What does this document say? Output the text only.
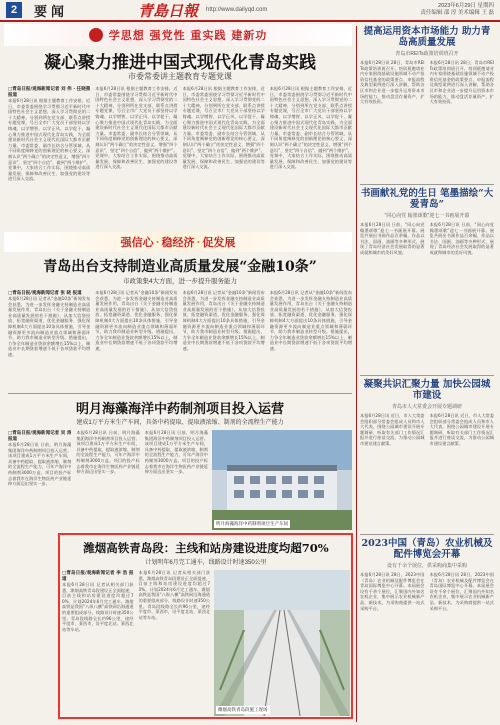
2	要闻	青島日報 http://www.dailyqd.com
2023年6月29日 星期四
责任编辑 邵 淳 美术编辑 王 磊
学思想 强党性 重实践 建新功
凝心聚力推进中国式现代化青岛实践
市委常委讲主题教育专题党课
□青岛日报/观海新闻记者 刘 伟 · 任晓燕 报道
本报6月28日讯 根据主题教育工作安排，近日，市委常委围绕学习贯彻习近平新时代中国特色社会主义思想，深入学习贯彻党的二十大精神，分别到所在党支部、联系点讲授专题党课，号召全市广大党员干部坚持以学铸魂、以学增智、以学正风、以学促干，凝心聚力推进中国式现代化青岛实践，为全面建设新时代社会主义现代化国际大都市贡献力量。市委常委、副市长结合分管领域，从不同角度阐释党的创新理论的核心要义，深刻认识“两个确立”的决定性意义，增强“四个意识”、坚定“四个自信”、做到“两个维护”。党课中，大家结合工作实际，围绕推动高质量发展、保障和改善民生、加强党的建设等进行深入交流。
本报6月28日讯 根据主题教育工作安排，近日，市委常委围绕学习贯彻习近平新时代中国特色社会主义思想，深入学习贯彻党的二十大精神，分别到所在党支部、联系点讲授专题党课，号召全市广大党员干部坚持以学铸魂、以学增智、以学正风、以学促干，凝心聚力推进中国式现代化青岛实践，为全面建设新时代社会主义现代化国际大都市贡献力量。市委常委、副市长结合分管领域，从不同角度阐释党的创新理论的核心要义，深刻认识“两个确立”的决定性意义，增强“四个意识”、坚定“四个自信”、做到“两个维护”。党课中，大家结合工作实际，围绕推动高质量发展、保障和改善民生、加强党的建设等进行深入交流。
本报6月28日讯 根据主题教育工作安排，近日，市委常委围绕学习贯彻习近平新时代中国特色社会主义思想，深入学习贯彻党的二十大精神，分别到所在党支部、联系点讲授专题党课，号召全市广大党员干部坚持以学铸魂、以学增智、以学正风、以学促干，凝心聚力推进中国式现代化青岛实践，为全面建设新时代社会主义现代化国际大都市贡献力量。市委常委、副市长结合分管领域，从不同角度阐释党的创新理论的核心要义，深刻认识“两个确立”的决定性意义，增强“四个意识”、坚定“四个自信”、做到“两个维护”。党课中，大家结合工作实际，围绕推动高质量发展、保障和改善民生、加强党的建设等进行深入交流。
本报6月28日讯 根据主题教育工作安排，近日，市委常委围绕学习贯彻习近平新时代中国特色社会主义思想，深入学习贯彻党的二十大精神，分别到所在党支部、联系点讲授专题党课，号召全市广大党员干部坚持以学铸魂、以学增智、以学正风、以学促干，凝心聚力推进中国式现代化青岛实践，为全面建设新时代社会主义现代化国际大都市贡献力量。市委常委、副市长结合分管领域，从不同角度阐释党的创新理论的核心要义，深刻认识“两个确立”的决定性意义，增强“四个意识”、坚定“四个自信”、做到“两个维护”。党课中，大家结合工作实际，围绕推动高质量发展、保障和改善民生、加强党的建设等进行深入交流。
强信心 · 稳经济 · 促发展
青岛出台支持制造业高质量发展“金融10条”
市政策集4大方面，进一步提升服务能力
□青岛日报/观海新闻记者 张 晓 报道
本报6月28日讯 记者从“金融10条”新闻发布会获悉，为进一步发挥金融支持制造业高质量发展作用，青岛出台《关于金融支持制造业高质量发展的若干措施》，从加大信贷投放、拓宽融资渠道、优化金融服务、强化保障机制4大方面提出10条具体措施，引导金融资源更多流向制造业重点领域和薄弱环节，助力我市制造业转型升级。措施提出，力争全年制造业贷款余额增长15%以上，制造业中长期贷款增速不低于各项贷款平均增速。
本报6月28日讯 记者从“金融10条”新闻发布会获悉，为进一步发挥金融支持制造业高质量发展作用，青岛出台《关于金融支持制造业高质量发展的若干措施》，从加大信贷投放、拓宽融资渠道、优化金融服务、强化保障机制4大方面提出10条具体措施，引导金融资源更多流向制造业重点领域和薄弱环节，助力我市制造业转型升级。措施提出，力争全年制造业贷款余额增长15%以上，制造业中长期贷款增速不低于各项贷款平均增速。
本报6月28日讯 记者从“金融10条”新闻发布会获悉，为进一步发挥金融支持制造业高质量发展作用，青岛出台《关于金融支持制造业高质量发展的若干措施》，从加大信贷投放、拓宽融资渠道、优化金融服务、强化保障机制4大方面提出10条具体措施，引导金融资源更多流向制造业重点领域和薄弱环节，助力我市制造业转型升级。措施提出，力争全年制造业贷款余额增长15%以上，制造业中长期贷款增速不低于各项贷款平均增速。
本报6月28日讯 记者从“金融10条”新闻发布会获悉，为进一步发挥金融支持制造业高质量发展作用，青岛出台《关于金融支持制造业高质量发展的若干措施》，从加大信贷投放、拓宽融资渠道、优化金融服务、强化保障机制4大方面提出10条具体措施，引导金融资源更多流向制造业重点领域和薄弱环节，助力我市制造业转型升级。措施提出，力争全年制造业贷款余额增长15%以上，制造业中长期贷款增速不低于各项贷款平均增速。
明月海藻海洋中药制剂项目投入运营
建成1万平方米生产车间，具备中药提取、提取液浓缩、制剂的全流程生产能力
□青岛日报/观海新闻记者 吴 涛 报道
本报6月28日讯 日前，明月海藻集团海洋中药制剂项目投入运营。该项目建成1万平方米生产车间，具备中药提取、提取液浓缩、制剂的全流程生产能力，可年产海洋中药制剂3000万盒。项目的投产标志着我市在海洋生物医药产业链延伸方面迈出坚实一步。
本报6月28日讯 日前，明月海藻集团海洋中药制剂项目投入运营。该项目建成1万平方米生产车间，具备中药提取、提取液浓缩、制剂的全流程生产能力，可年产海洋中药制剂3000万盒。项目的投产标志着我市在海洋生物医药产业链延伸方面迈出坚实一步。
本报6月28日讯 日前，明月海藻集团海洋中药制剂项目投入运营。该项目建成1万平方米生产车间，具备中药提取、提取液浓缩、制剂的全流程生产能力，可年产海洋中药制剂3000万盒。项目的投产标志着我市在海洋生物医药产业链延伸方面迈出坚实一步。
明月海藻海洋中药制剂项目生产车间
潍烟高铁青岛段：主线和站房建设进度均超70%
计划明年6月完工通车，线路设计时速350公里
□青岛日报/观海新闻记者 李 浩 报道
本报6月28日讯 记者从相关部门获悉，潍烟高铁青岛段建设正全面提速，目前主线和站房建设进度均超过70%，计划2024年6月完工通车。潍烟高铁是我国“八纵八横”高铁网沿海通道的重要组成部分，线路设计时速350公里。青岛段线路全长约96公里，途经平度市、莱西市，设平度北站、莱西北站等车站。
本报6月28日讯 记者从相关部门获悉，潍烟高铁青岛段建设正全面提速，目前主线和站房建设进度均超过70%，计划2024年6月完工通车。潍烟高铁是我国“八纵八横”高铁网沿海通道的重要组成部分，线路设计时速350公里。青岛段线路全长约96公里，途经平度市、莱西市，设平度北站、莱西北站等车站。
潍烟高铁青岛段施工现场
提高运用资本市场能力 助力青岛高质量发展
青岛市REITs政策培训班召开
本报6月28日讯 28日，青岛市REITs政策培训班召开。培训班邀请业内专家围绕基础设施领域不动产投资信托基金的政策要点、申报流程及典型案例进行深入讲解，帮助各区市和企业进一步提升运用资本市场的能力，推动盘活存量资产，扩大有效投资。
本报6月28日讯 28日，青岛市REITs政策培训班召开。培训班邀请业内专家围绕基础设施领域不动产投资信托基金的政策要点、申报流程及典型案例进行深入讲解，帮助各区市和企业进一步提升运用资本市场的能力，推动盘活存量资产，扩大有效投资。
书画献礼党的生日 笔墨描绘“大爱青岛”
“同心向党 翰墨颂歌”迎七一书画展开幕
本报6月28日讯 日前，“同心向党 翰墨颂歌”迎七一书画展开幕。展览共展出书画作品百余幅，作品以书法、国画、油画等多种形式，展现了青岛经济社会发展取得的显著成就和城市的美好风貌。
本报6月28日讯 日前，“同心向党 翰墨颂歌”迎七一书画展开幕。展览共展出书画作品百余幅，作品以书法、国画、油画等多种形式，展现了青岛经济社会发展取得的显著成就和城市的美好风貌。
凝聚共识汇聚力量 加快公园城市建设
青岛市人大常委会开展专题调研
本报6月28日讯 近日，市人大常委会组织部分常委会组成人员和市人大代表，围绕公园城市建设开展专题调研，听取有关部门工作情况汇报并进行座谈交流，为推动公园城市建设建言献策。
本报6月28日讯 近日，市人大常委会组织部分常委会组成人员和市人大代表，围绕公园城市建设开展专题调研，听取有关部门工作情况汇报并进行座谈交流，为推动公园城市建设建言献策。
2023中国（青岛）农业机械及配件博览会开幕
设有千余个展位，供采购商集中采购
本报6月28日讯 28日，2023中国（青岛）农业机械及配件博览会在青岛国际博览中心开幕。本届展会设有千余个展位，汇聚国内外知名农机企业，集中展示农业机械新产品、新技术，为采购商提供一站式采购平台。
本报6月28日讯 28日，2023中国（青岛）农业机械及配件博览会在青岛国际博览中心开幕。本届展会设有千余个展位，汇聚国内外知名农机企业，集中展示农业机械新产品、新技术，为采购商提供一站式采购平台。
